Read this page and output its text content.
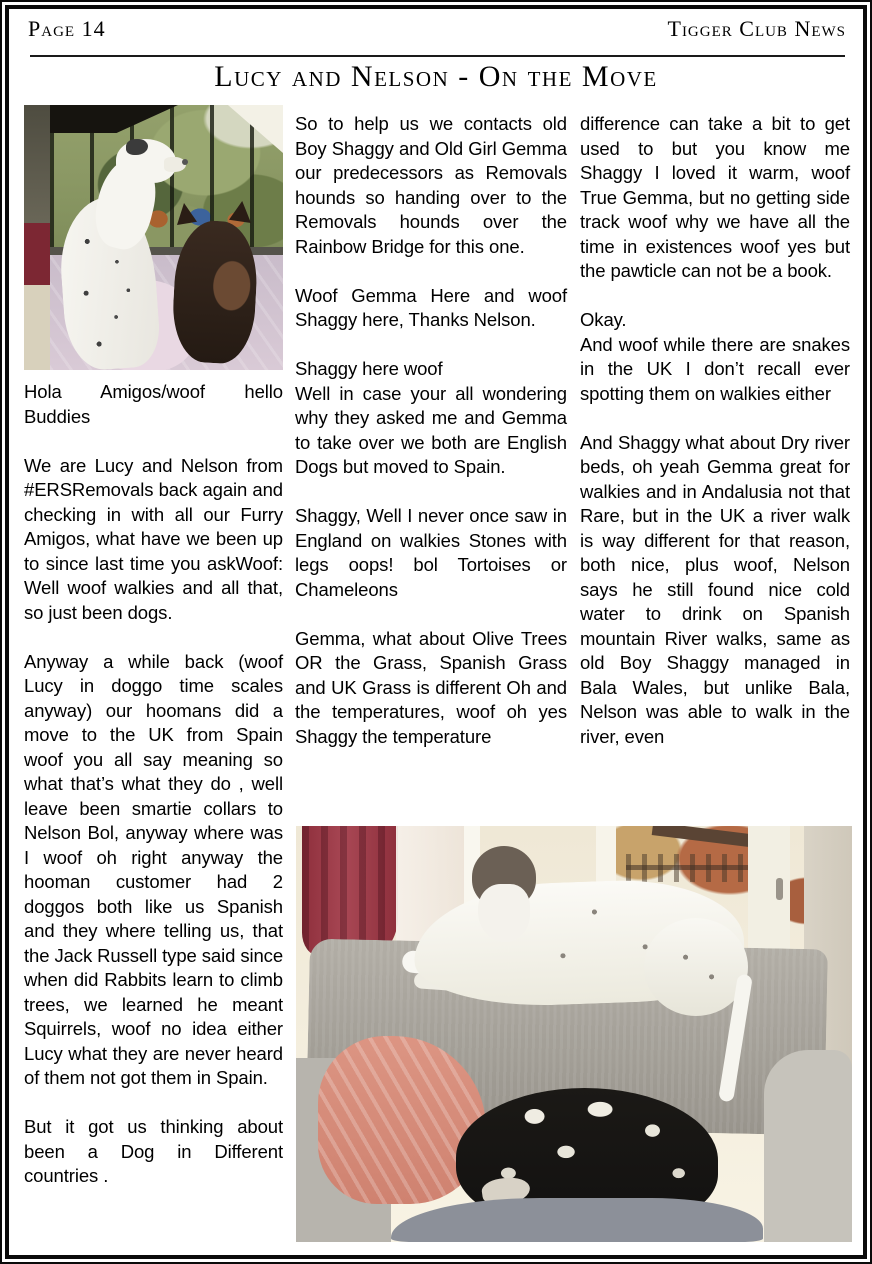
Page 14	Tigger Club News
Lucy and Nelson - On the Move

Hola Amigos/woof hello Buddies

We are Lucy and Nelson from #ERSRemovals back again and checking in with all our Furry Amigos, what have we been up to since last time you askWoof: Well woof walkies and all that, so just been dogs.

Anyway a while back (woof Lucy in doggo time scales anyway) our hoomans did a move to the UK from Spain woof you all say meaning so what that’s what they do , well leave been smartie collars to Nelson Bol, anyway where was I woof oh right anyway the hooman customer had 2 doggos both like us Spanish and they where telling us, that the Jack Russell type said since when did Rabbits learn to climb trees, we learned he meant Squirrels, woof no idea either Lucy what they are never heard of them not got them in Spain.

But it got us thinking about been a Dog in Different countries .

So to help us we contacts old Boy Shaggy and Old Girl Gemma our predecessors as Removals hounds so handing over to the Removals hounds over the Rainbow Bridge for this one.

Woof Gemma Here and woof Shaggy here, Thanks Nelson.

Shaggy here woof

Well in case your all wondering why they asked me and Gemma to take over we both are English Dogs but moved to Spain.

Shaggy, Well I never once saw in England on walkies Stones with legs oops! bol Tortoises or Chameleons

Gemma, what about Olive Trees OR the Grass, Spanish Grass and UK Grass is different Oh and the temperatures, woof oh yes Shaggy the temperature

difference can take a bit to get used to but you know me Shaggy I loved it warm, woof True Gemma, but no getting side track woof why we have all the time in existences woof yes but the pawticle can not be a book.

Okay.

And woof while there are snakes in the UK I don’t recall ever spotting them on walkies either

And Shaggy what about Dry river beds, oh yeah Gemma great for walkies and in Andalusia not that Rare, but in the UK a river walk is way different for that reason, both nice, plus woof, Nelson says he still found nice cold water to drink on Spanish mountain River walks, same as old Boy Shaggy managed in Bala Wales, but unlike Bala, Nelson was able to walk in the river, even
